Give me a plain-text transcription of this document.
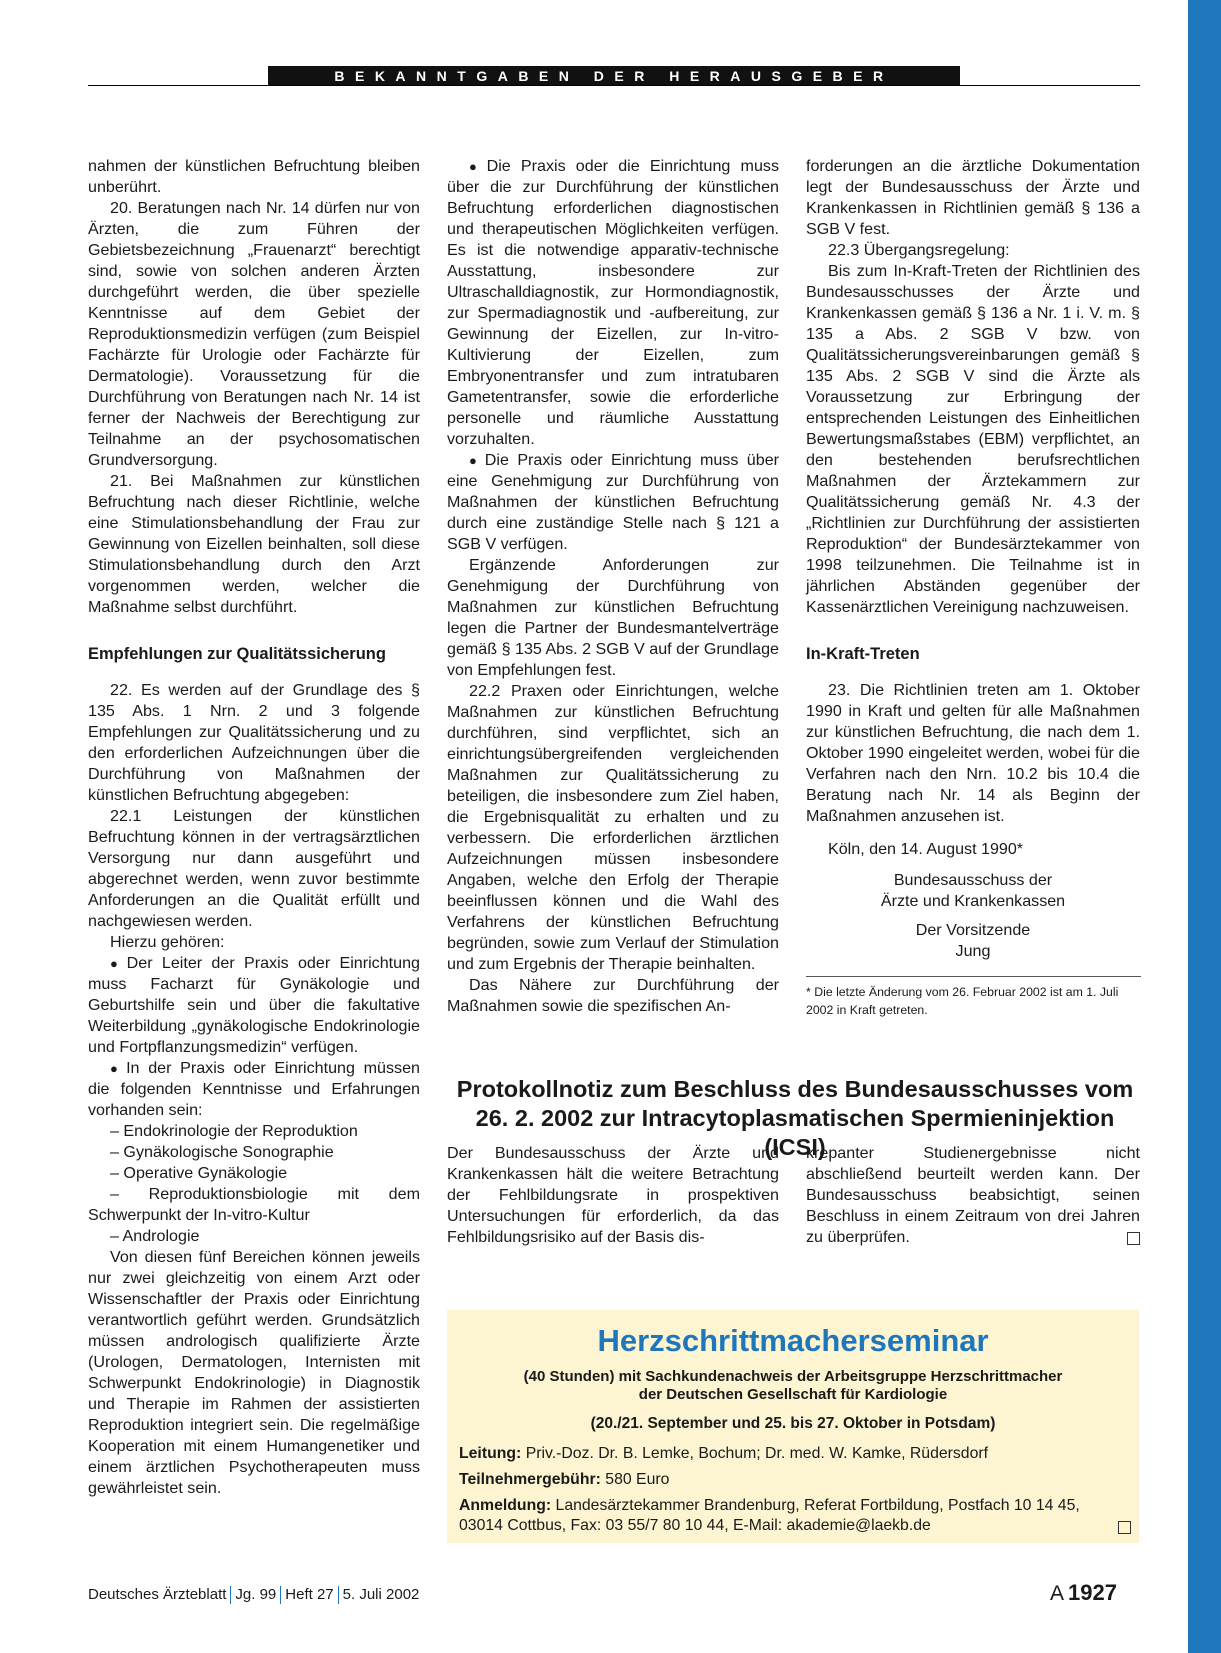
BEKANNTGABEN DER HERAUSGEBER

nahmen der künstlichen Befruchtung bleiben unberührt.

20. Beratungen nach Nr. 14 dürfen nur von Ärzten, die zum Führen der Gebietsbezeichnung „Frauenarzt“ berechtigt sind, sowie von solchen anderen Ärzten durchgeführt werden, die über spezielle Kenntnisse auf dem Gebiet der Reproduktionsmedizin verfügen (zum Beispiel Fachärzte für Urologie oder Fachärzte für Dermatologie). Voraussetzung für die Durchführung von Beratungen nach Nr. 14 ist ferner der Nachweis der Berechtigung zur Teilnahme an der psychosomatischen Grundversorgung.

21. Bei Maßnahmen zur künstlichen Befruchtung nach dieser Richtlinie, welche eine Stimulationsbehandlung der Frau zur Gewinnung von Eizellen beinhalten, soll diese Stimulationsbehandlung durch den Arzt vorgenommen werden, welcher die Maßnahme selbst durchführt.

Empfehlungen zur Qualitätssicherung

22. Es werden auf der Grundlage des § 135 Abs. 1 Nrn. 2 und 3 folgende Empfehlungen zur Qualitätssicherung und zu den erforderlichen Aufzeichnungen über die Durchführung von Maßnahmen der künstlichen Befruchtung abgegeben:

22.1 Leistungen der künstlichen Befruchtung können in der vertragsärztlichen Versorgung nur dann ausgeführt und abgerechnet werden, wenn zuvor bestimmte Anforderungen an die Qualität erfüllt und nachgewiesen werden.

Hierzu gehören:

● Der Leiter der Praxis oder Einrichtung muss Facharzt für Gynäkologie und Geburtshilfe sein und über die fakultative Weiterbildung „gynäkologische Endokrinologie und Fortpflanzungsmedizin“ verfügen.

● In der Praxis oder Einrichtung müssen die folgenden Kenntnisse und Erfahrungen vorhanden sein:

– Endokrinologie der Reproduktion

– Gynäkologische Sonographie

– Operative Gynäkologie

– Reproduktionsbiologie mit dem Schwerpunkt der In-vitro-Kultur

– Andrologie

Von diesen fünf Bereichen können jeweils nur zwei gleichzeitig von einem Arzt oder Wissenschaftler der Praxis oder Einrichtung verantwortlich geführt werden. Grundsätzlich müssen andrologisch qualifizierte Ärzte (Urologen, Dermatologen, Internisten mit Schwerpunkt Endokrinologie) in Diagnostik und Therapie im Rahmen der assistierten Reproduktion integriert sein. Die regelmäßige Kooperation mit einem Humangenetiker und einem ärztlichen Psychotherapeuten muss gewährleistet sein.

● Die Praxis oder die Einrichtung muss über die zur Durchführung der künstlichen Befruchtung erforderlichen diagnostischen und therapeutischen Möglichkeiten verfügen. Es ist die notwendige apparativ-technische Ausstattung, insbesondere zur Ultraschalldiagnostik, zur Hormondiagnostik, zur Spermadiagnostik und -aufbereitung, zur Gewinnung der Eizellen, zur In-vitro-Kultivierung der Eizellen, zum Embryonentransfer und zum intratubaren Gametentransfer, sowie die erforderliche personelle und räumliche Ausstattung vorzuhalten.

● Die Praxis oder Einrichtung muss über eine Genehmigung zur Durchführung von Maßnahmen der künstlichen Befruchtung durch eine zuständige Stelle nach § 121 a SGB V verfügen.

Ergänzende Anforderungen zur Genehmigung der Durchführung von Maßnahmen zur künstlichen Befruchtung legen die Partner der Bundesmantelverträge gemäß § 135 Abs. 2 SGB V auf der Grundlage von Empfehlungen fest.

22.2 Praxen oder Einrichtungen, welche Maßnahmen zur künstlichen Befruchtung durchführen, sind verpflichtet, sich an einrichtungsübergreifenden vergleichenden Maßnahmen zur Qualitätssicherung zu beteiligen, die insbesondere zum Ziel haben, die Ergebnisqualität zu erhalten und zu verbessern. Die erforderlichen ärztlichen Aufzeichnungen müssen insbesondere Angaben, welche den Erfolg der Therapie beeinflussen können und die Wahl des Verfahrens der künstlichen Befruchtung begründen, sowie zum Verlauf der Stimulation und zum Ergebnis der Therapie beinhalten.

Das Nähere zur Durchführung der Maßnahmen sowie die spezifischen An-

forderungen an die ärztliche Dokumentation legt der Bundesausschuss der Ärzte und Krankenkassen in Richtlinien gemäß § 136 a SGB V fest.

22.3 Übergangsregelung:

Bis zum In-Kraft-Treten der Richtlinien des Bundesausschusses der Ärzte und Krankenkassen gemäß § 136 a Nr. 1 i. V. m. § 135 a Abs. 2 SGB V bzw. von Qualitätssicherungsvereinbarungen gemäß § 135 Abs. 2 SGB V sind die Ärzte als Voraussetzung zur Erbringung der entsprechenden Leistungen des Einheitlichen Bewertungsmaßstabes (EBM) verpflichtet, an den bestehenden berufsrechtlichen Maßnahmen der Ärztekammern zur Qualitätssicherung gemäß Nr. 4.3 der „Richtlinien zur Durchführung der assistierten Reproduktion“ der Bundesärztekammer von 1998 teilzunehmen. Die Teilnahme ist in jährlichen Abständen gegenüber der Kassenärztlichen Vereinigung nachzuweisen.

In-Kraft-Treten

23. Die Richtlinien treten am 1. Oktober 1990 in Kraft und gelten für alle Maßnahmen zur künstlichen Befruchtung, die nach dem 1. Oktober 1990 eingeleitet werden, wobei für die Verfahren nach den Nrn. 10.2 bis 10.4 die Beratung nach Nr. 14 als Beginn der Maßnahmen anzusehen ist.

Köln, den 14. August 1990*

Bundesausschuss der

Ärzte und Krankenkassen

Der Vorsitzende

Jung

* Die letzte Änderung vom 26. Februar 2002 ist am 1. Juli 2002 in Kraft getreten.

Protokollnotiz zum Beschluss des Bundesausschusses vom
26. 2. 2002 zur Intracytoplasmatischen Spermieninjektion (ICSI)

Der Bundesausschuss der Ärzte und Krankenkassen hält die weitere Betrachtung der Fehlbildungsrate in prospektiven Untersuchungen für erforderlich, da das Fehlbildungsrisiko auf der Basis dis-

krepanter Studienergebnisse nicht abschließend beurteilt werden kann. Der Bundesausschuss beabsichtigt, seinen Beschluss in einem Zeitraum von drei Jahren zu überprüfen.

Herzschrittmacherseminar
(40 Stunden) mit Sachkundenachweis der Arbeitsgruppe Herzschrittmacher
der Deutschen Gesellschaft für Kardiologie
(20./21. September und 25. bis 27. Oktober in Potsdam)
Leitung: Priv.-Doz. Dr. B. Lemke, Bochum; Dr. med. W. Kamke, Rüdersdorf
Teilnehmergebühr: 580 Euro
Anmeldung: Landesärztekammer Brandenburg, Referat Fortbildung, Postfach 10 14 45,
03014 Cottbus, Fax: 03 55/7 80 10 44, E-Mail: akademie@laekb.de
Deutsches Ärzteblatt Jg. 99 Heft 27 5. Juli 2002	A 1927
